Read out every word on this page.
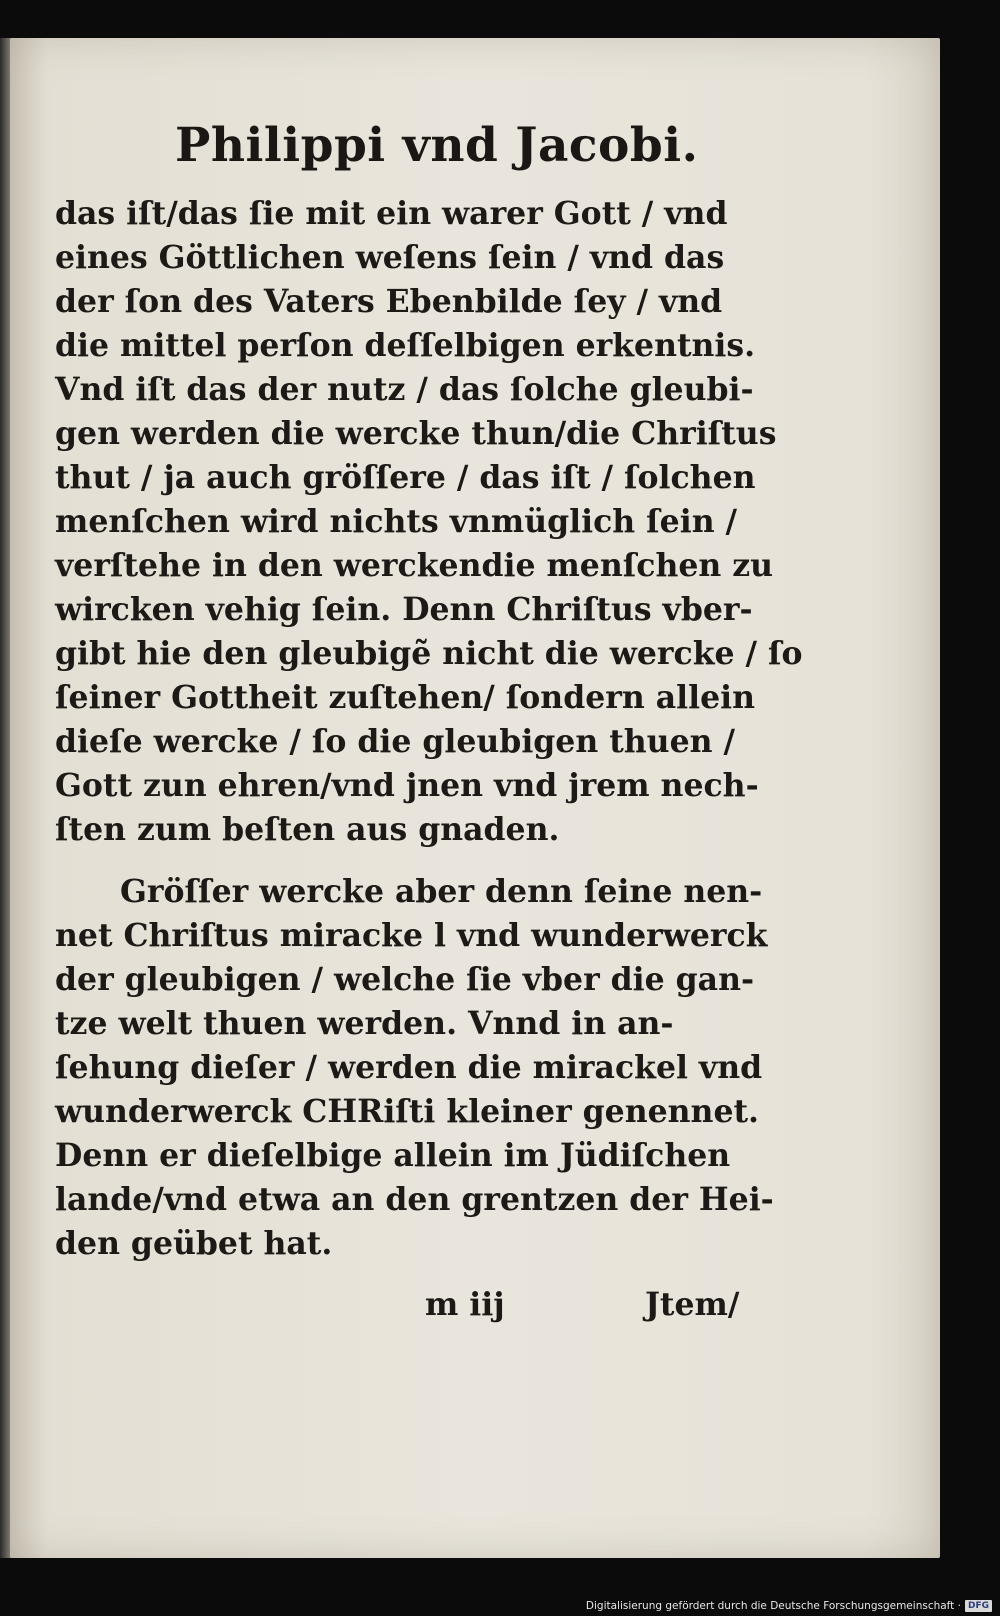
Philippi vnd Jacobi.
das iſt/das ſie mit ein warer Gott / vnd
eines Göttlichen weſens ſein / vnd das
der ſon des Vaters Ebenbilde ſey / vnd
die mittel perſon deſſelbigen erkentnis.
Vnd iſt das der nutz / das ſolche gleubi-
gen werden die wercke thun/die Chriſtus
thut / ja auch gröſſere / das iſt / ſolchen
menſchen wird nichts vnmüglich ſein /
verſtehe in den werckendie menſchen zu
wircken vehig ſein. Denn Chriſtus vber-
gibt hie den gleubigẽ nicht die wercke / ſo
ſeiner Gottheit zuſtehen/ ſondern allein
dieſe wercke / ſo die gleubigen thuen /
Gott zun ehren/vnd jnen vnd jrem nech-
ſten zum beſten aus gnaden.
Gröſſer wercke aber denn ſeine nen-
net Chriſtus miracke l vnd wunderwerck
der gleubigen / welche ſie vber die gan-
tze welt thuen werden. Vnnd in an-
ſehung dieſer / werden die mirackel vnd
wunderwerck CHRiſti kleiner genennet.
Denn er dieſelbige allein im Jüdiſchen
lande/vnd etwa an den grentzen der Hei-
den geübet hat.
m iij	Jtem/
Digitalisierung gefördert durch die Deutsche Forschungsgemeinschaft · DFG
